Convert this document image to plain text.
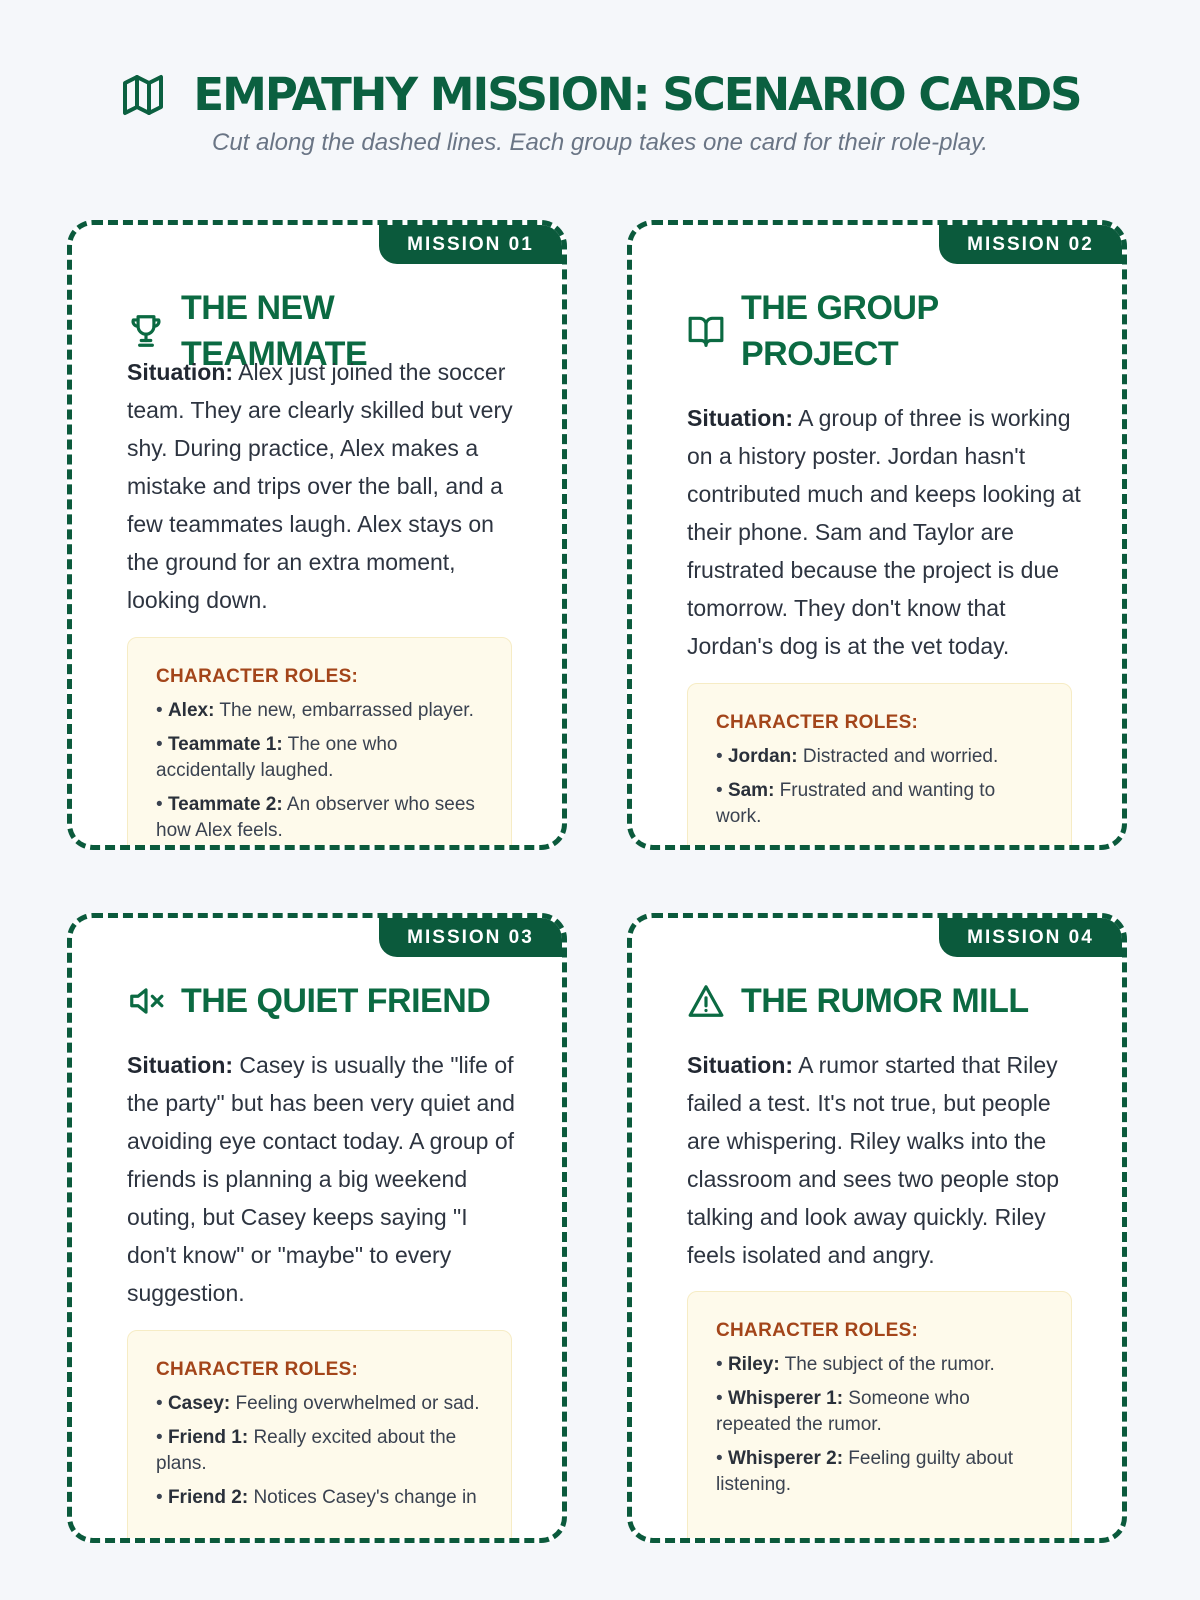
EMPATHY MISSION: SCENARIO CARDS
Cut along the dashed lines. Each group takes one card for their role-play.
MISSION 01
THE NEW TEAMMATE
Situation: Alex just joined the soccer team. They are clearly skilled but very shy. During practice, Alex makes a mistake and trips over the ball, and a few teammates laugh. Alex stays on the ground for an extra moment, looking down.
CHARACTER ROLES:
• Alex: The new, embarrassed player.
• Teammate 1: The one who accidentally laughed.
• Teammate 2: An observer who sees how Alex feels.
MISSION 02
THE GROUP PROJECT
Situation: A group of three is working on a history poster. Jordan hasn't contributed much and keeps looking at their phone. Sam and Taylor are frustrated because the project is due tomorrow. They don't know that Jordan's dog is at the vet today.
CHARACTER ROLES:
• Jordan: Distracted and worried.
• Sam: Frustrated and wanting to work.
MISSION 03
THE QUIET FRIEND
Situation: Casey is usually the "life of the party" but has been very quiet and avoiding eye contact today. A group of friends is planning a big weekend outing, but Casey keeps saying "I don't know" or "maybe" to every suggestion.
CHARACTER ROLES:
• Casey: Feeling overwhelmed or sad.
• Friend 1: Really excited about the plans.
• Friend 2: Notices Casey's change in
MISSION 04
THE RUMOR MILL
Situation: A rumor started that Riley failed a test. It's not true, but people are whispering. Riley walks into the classroom and sees two people stop talking and look away quickly. Riley feels isolated and angry.
CHARACTER ROLES:
• Riley: The subject of the rumor.
• Whisperer 1: Someone who repeated the rumor.
• Whisperer 2: Feeling guilty about listening.
